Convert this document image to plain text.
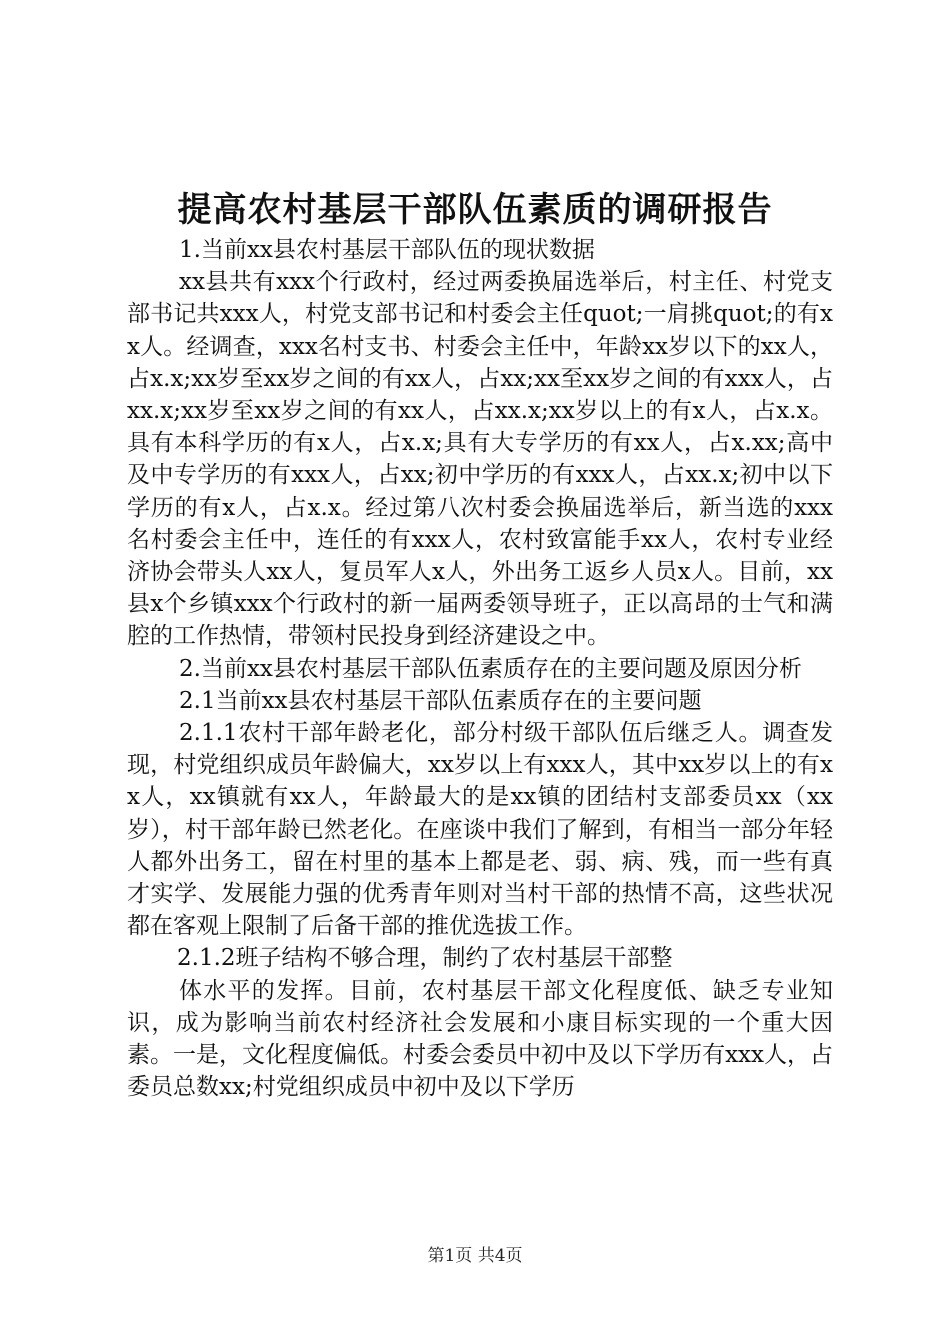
提高农村基层干部队伍素质的调研报告

1.当前xx县农村基层干部队伍的现状数据

xx县共有xxx个行政村，经过两委换届选举后，村主任、村党支部书记共xxx人，村党支部书记和村委会主任quot;一肩挑quot;的有xx人。经调查，xxx名村支书、村委会主任中，年龄xx岁以下的xx人，占x.x;xx岁至xx岁之间的有xx人，占xx;xx至xx岁之间的有xxx人，占xx.x;xx岁至xx岁之间的有xx人，占xx.x;xx岁以上的有x人，占x.x。具有本科学历的有x人，占x.x;具有大专学历的有xx人，占x.xx;高中及中专学历的有xxx人，占xx;初中学历的有xxx人，占xx.x;初中以下学历的有x人，占x.x。经过第八次村委会换届选举后，新当选的xxx名村委会主任中，连任的有xxx人，农村致富能手xx人，农村专业经济协会带头人xx人，复员军人x人，外出务工返乡人员x人。目前，xx县x个乡镇xxx个行政村的新一届两委领导班子，正以高昂的士气和满腔的工作热情，带领村民投身到经济建设之中。

2.当前xx县农村基层干部队伍素质存在的主要问题及原因分析

2.1当前xx县农村基层干部队伍素质存在的主要问题

2.1.1农村干部年龄老化，部分村级干部队伍后继乏人。调查发现，村党组织成员年龄偏大，xx岁以上有xxx人，其中xx岁以上的有xx人，xx镇就有xx人，年龄最大的是xx镇的团结村支部委员xx（xx岁），村干部年龄已然老化。在座谈中我们了解到，有相当一部分年轻人都外出务工，留在村里的基本上都是老、弱、病、残，而一些有真才实学、发展能力强的优秀青年则对当村干部的热情不高，这些状况都在客观上限制了后备干部的推优选拔工作。

2.1.2班子结构不够合理，制约了农村基层干部整

体水平的发挥。目前，农村基层干部文化程度低、缺乏专业知识，成为影响当前农村经济社会发展和小康目标实现的一个重大因素。一是，文化程度偏低。村委会委员中初中及以下学历有xxx人，占委员总数xx;村党组织成员中初中及以下学历

第1页 共4页
